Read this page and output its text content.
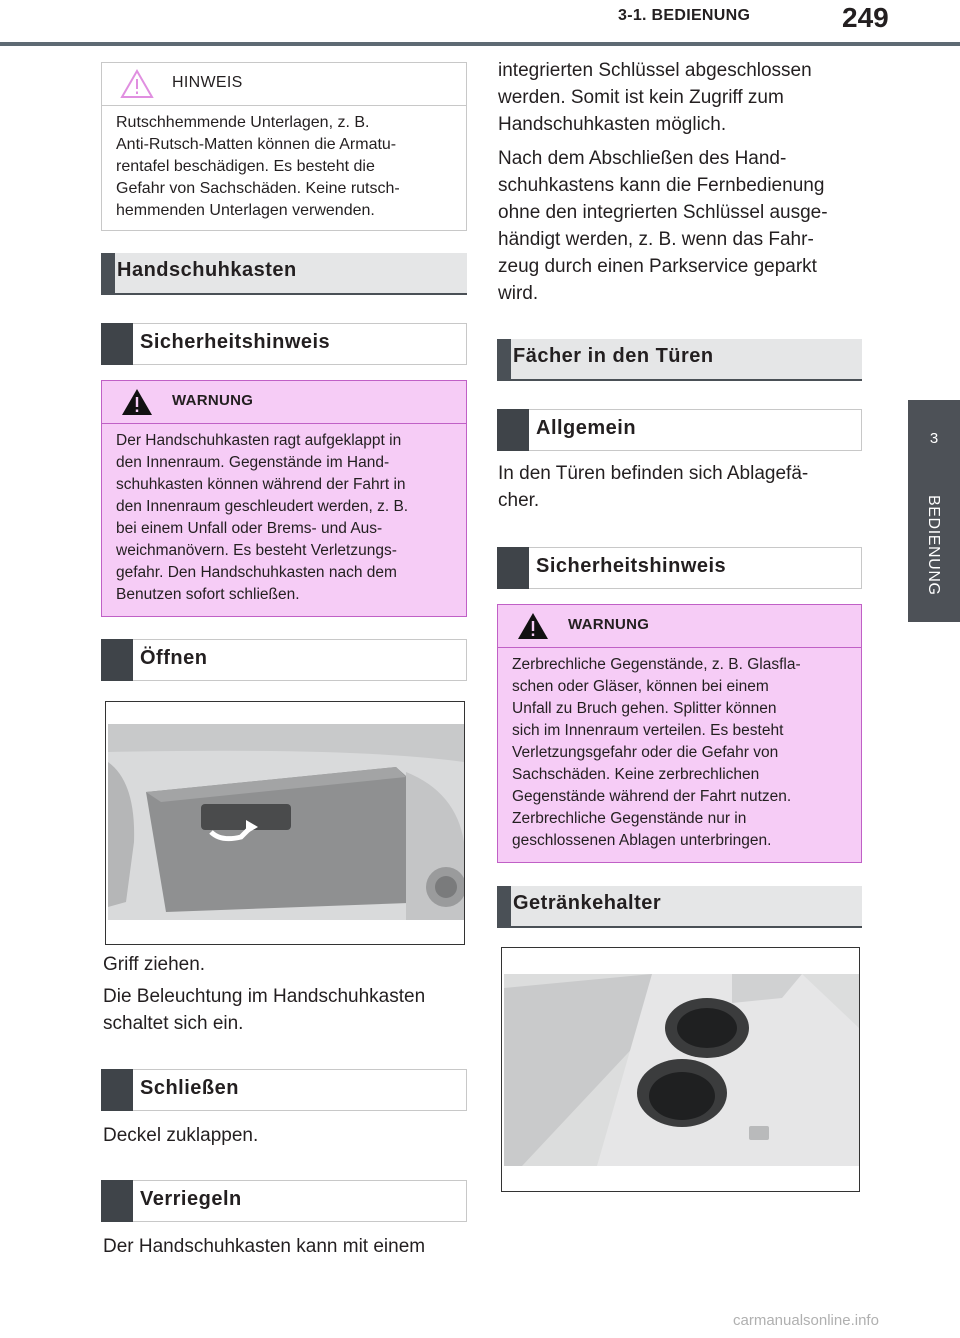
3-1. BEDIENUNG	249
3
BEDIENUNG
HINWEIS
Rutschhemmende Unterlagen, z. B.
Anti-Rutsch-Matten können die Armatu-
rentafel beschädigen. Es besteht die
Gefahr von Sachschäden. Keine rutsch-
hemmenden Unterlagen verwenden.
Handschuhkasten
Sicherheitshinweis
WARNUNG
Der Handschuhkasten ragt aufgeklappt in
den Innenraum. Gegenstände im Hand-
schuhkasten können während der Fahrt in
den Innenraum geschleudert werden, z. B.
bei einem Unfall oder Brems- und Aus-
weichmanövern. Es besteht Verletzungs-
gefahr. Den Handschuhkasten nach dem
Benutzen sofort schließen.
Öffnen
Griff ziehen.
Die Beleuchtung im Handschuhkasten
schaltet sich ein.
Schließen
Deckel zuklappen.
Verriegeln
Der Handschuhkasten kann mit einem
integrierten Schlüssel abgeschlossen
werden. Somit ist kein Zugriff zum
Handschuhkasten möglich.
Nach dem Abschließen des Hand-
schuhkastens kann die Fernbedienung
ohne den integrierten Schlüssel ausge-
händigt werden, z. B. wenn das Fahr-
zeug durch einen Parkservice geparkt
wird.
Fächer in den Türen
Allgemein
In den Türen befinden sich Ablagefä-
cher.
Sicherheitshinweis
WARNUNG
Zerbrechliche Gegenstände, z. B. Glasfla-
schen oder Gläser, können bei einem
Unfall zu Bruch gehen. Splitter können
sich im Innenraum verteilen. Es besteht
Verletzungsgefahr oder die Gefahr von
Sachschäden. Keine zerbrechlichen
Gegenstände während der Fahrt nutzen.
Zerbrechliche Gegenstände nur in
geschlossenen Ablagen unterbringen.
Getränkehalter
carmanualsonline.info
